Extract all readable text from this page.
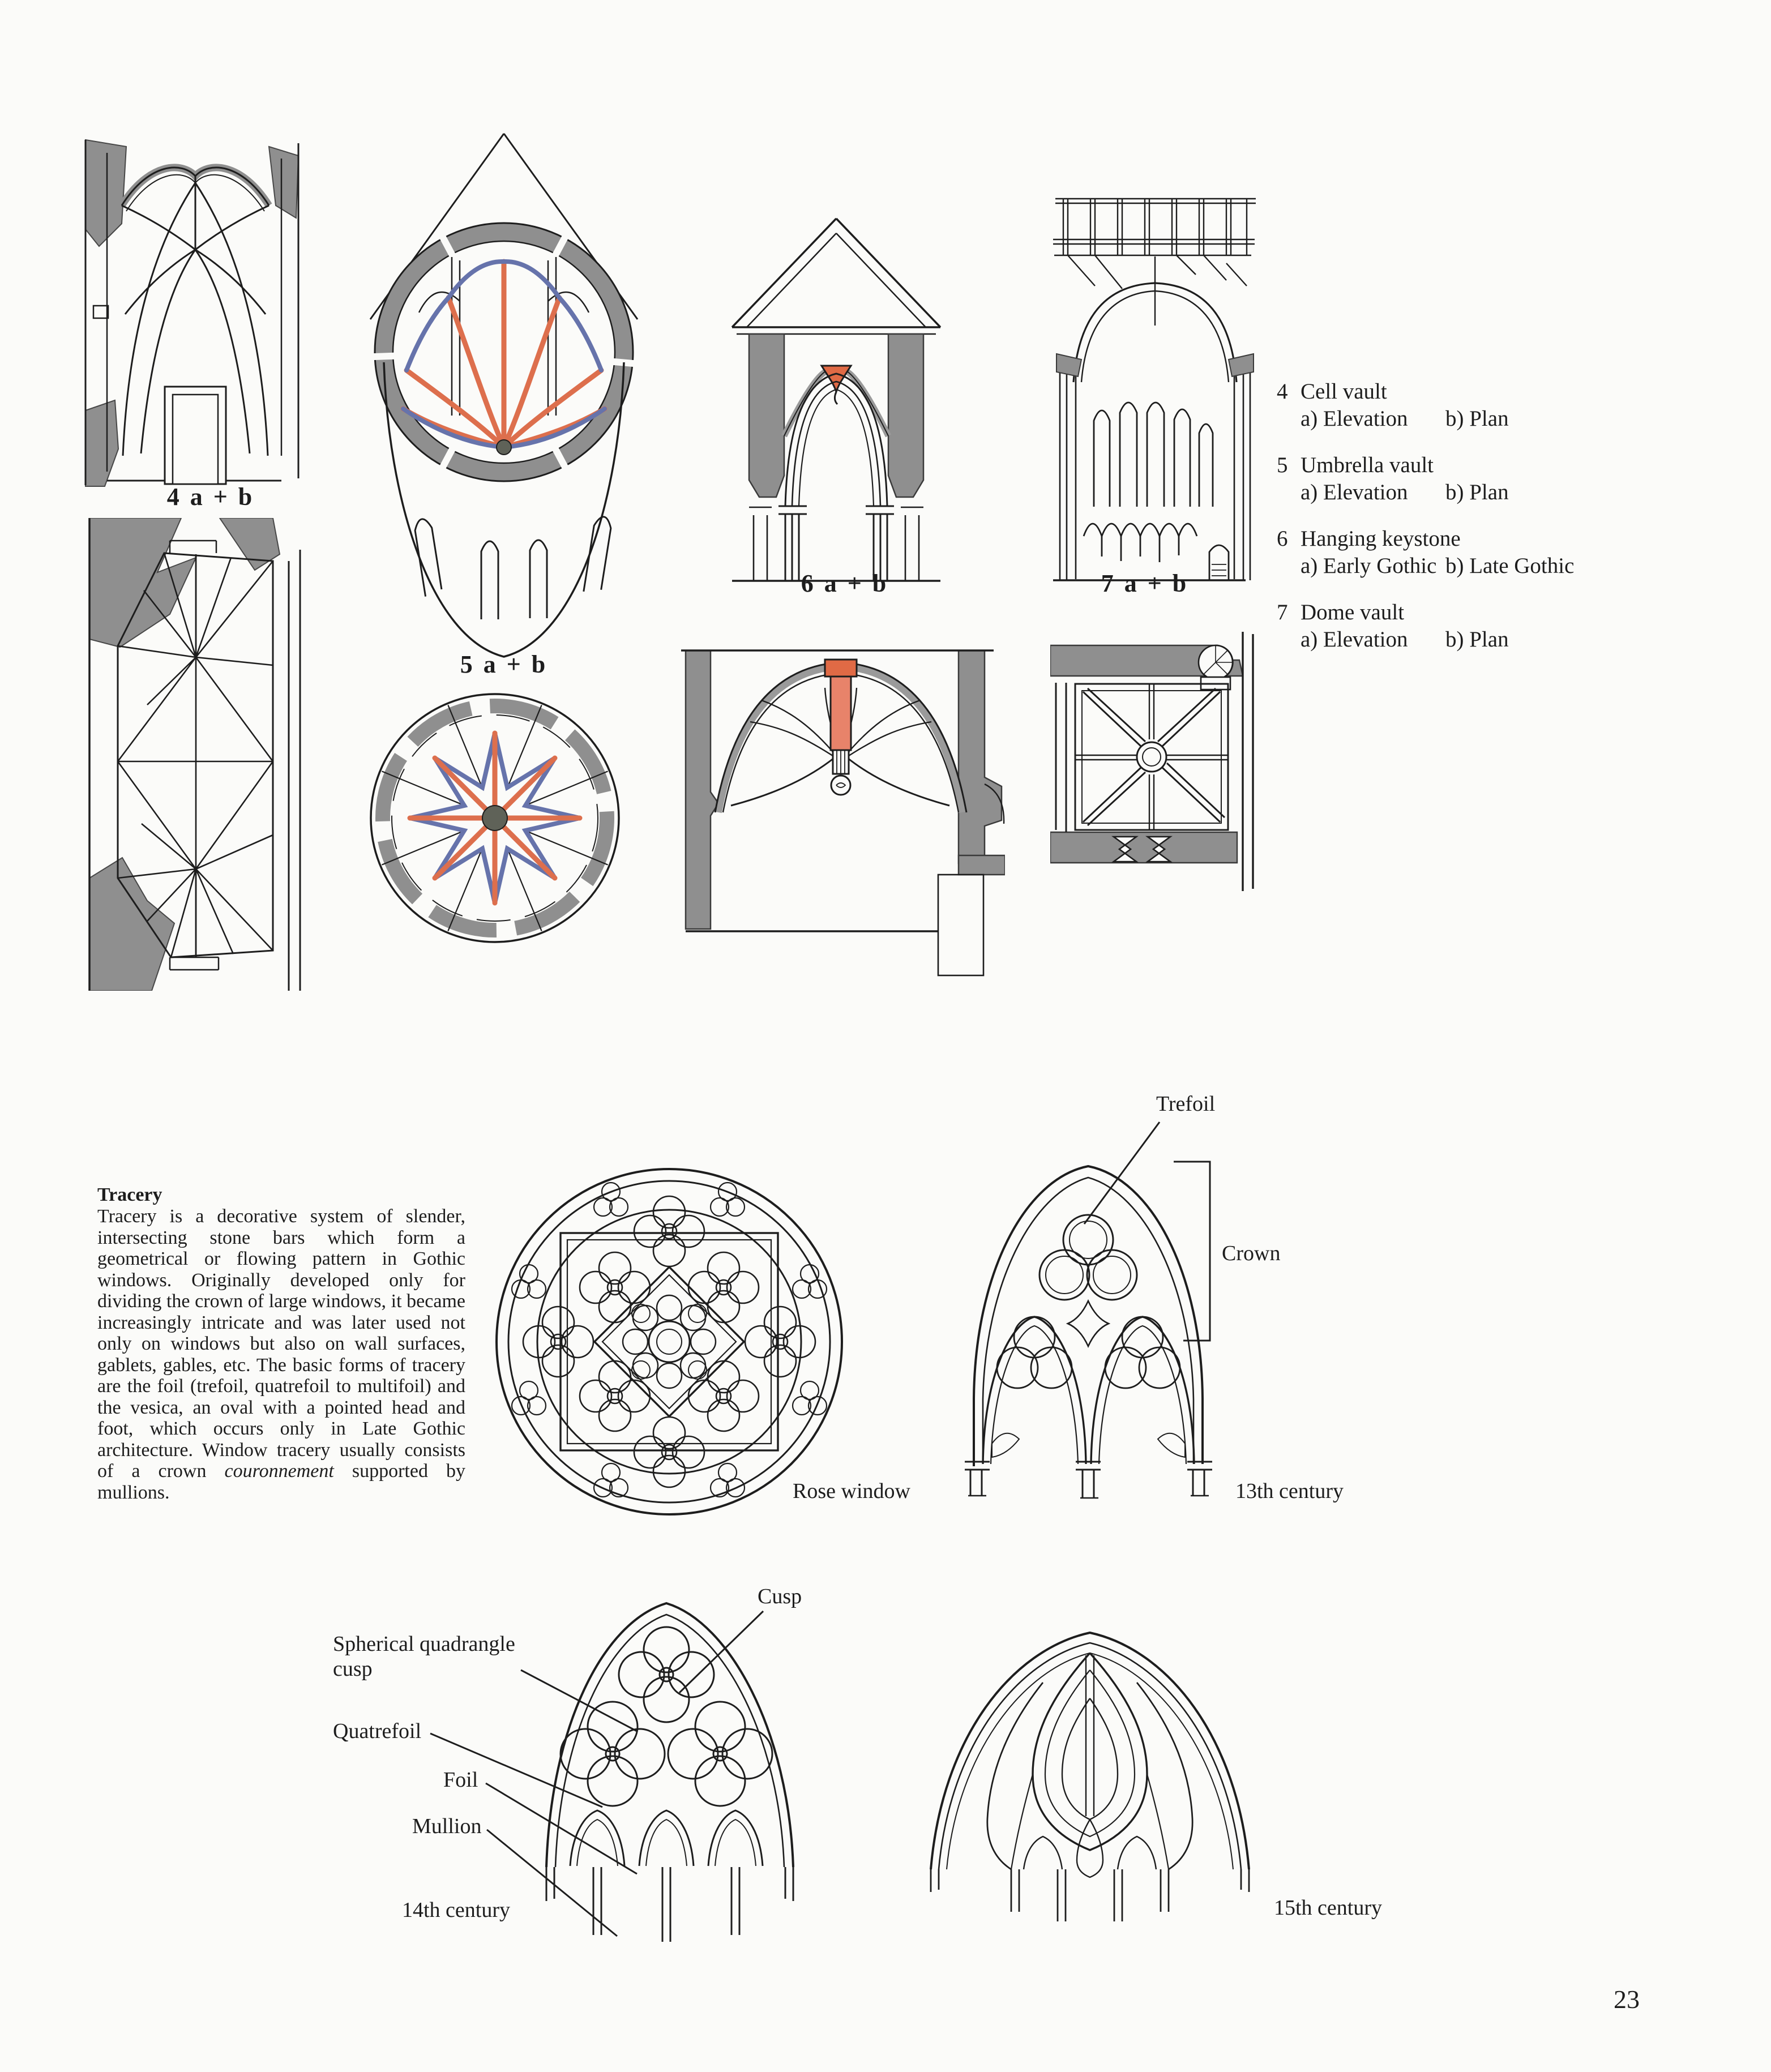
4 Cell vault
a) Elevation b) Plan
5 Umbrella vault
a) Elevation b) Plan
6 Hanging keystone
a) Early Gothic b) Late Gothic
7 Dome vault
a) Elevation b) Plan
4 a + b
5 a + b
6 a + b	7 a + b
Tracery

Tracery is a decorative system of slender, intersecting stone bars which form a geometrical or flowing pattern in Gothic windows. Originally developed only for dividing the crown of large windows, it became increasingly intricate and was later used not only on windows but also on wall surfaces, gablets, gables, etc. The basic forms of tracery are the foil (trefoil, quatrefoil to multifoil) and the vesica, an oval with a pointed head and foot, which occurs only in Late Gothic architecture. Window tracery usually consists of a crown couronnement supported by mullions.

Trefoil
Crown
Rose window	13th century
Cusp
Spherical quadrangle
cusp
Quatrefoil
Foil
Mullion
14th century	15th century
23
